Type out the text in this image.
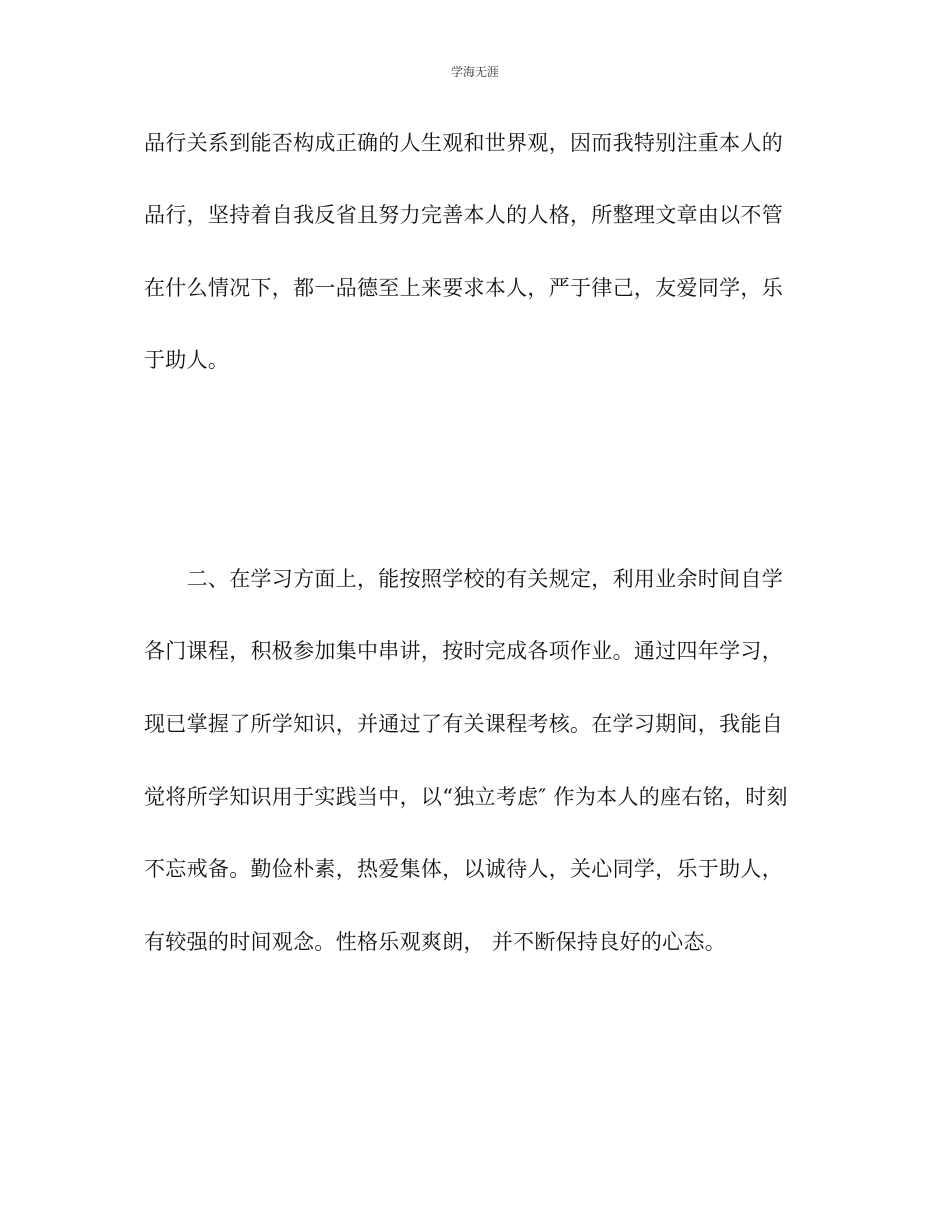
学海无涯
品行关系到能否构成正确的人生观和世界观，因而我特别注重本人的
品行，坚持着自我反省且努力完善本人的人格，所整理文章由以不管
在什么情况下，都一品德至上来要求本人，严于律己，友爱同学，乐
于助人。
　　二、在学习方面上，能按照学校的有关规定，利用业余时间自学
各门课程，积极参加集中串讲，按时完成各项作业。通过四年学习，
现已掌握了所学知识，并通过了有关课程考核。在学习期间，我能自
觉将所学知识用于实践当中，以“独立考虑″ 作为本人的座右铭，时刻
不忘戒备。勤俭朴素，热爱集体，以诚待人，关心同学，乐于助人，
有较强的时间观念。性格乐观爽朗， 并不断保持良好的心态。
